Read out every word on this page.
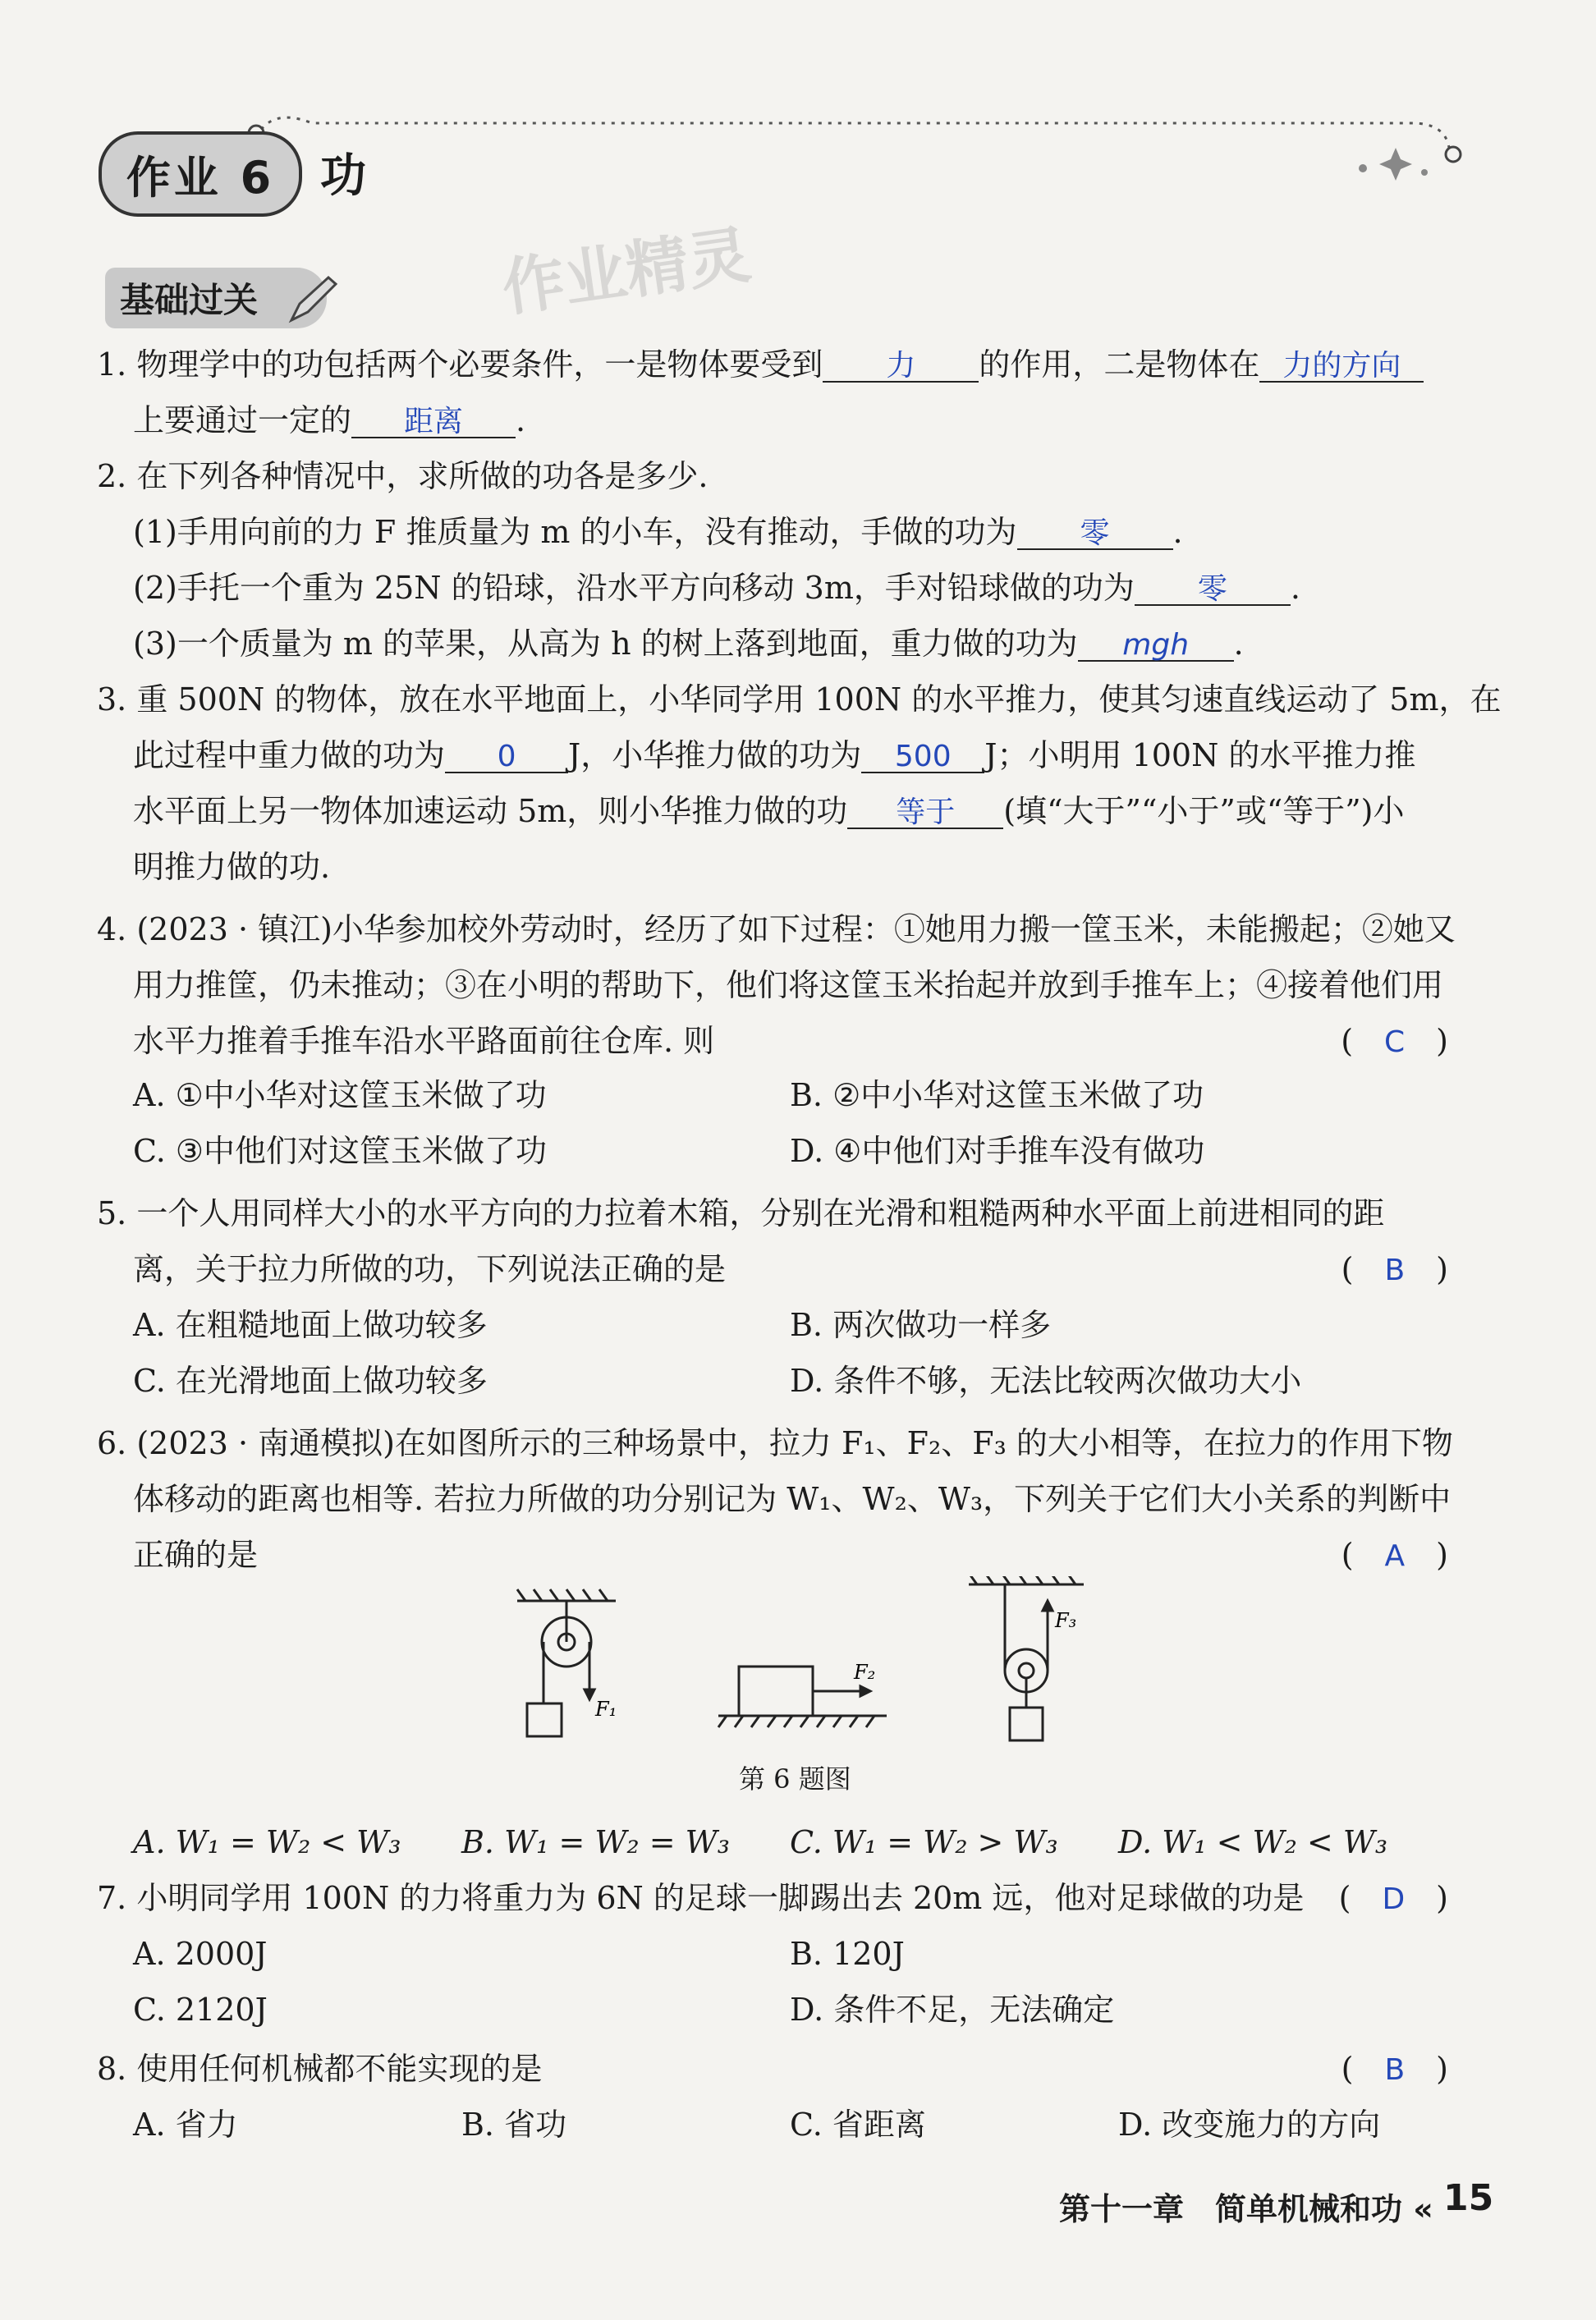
作业 6 功
作业精灵
基础过关
1. 物理学中的功包括两个必要条件，一是物体要受到 力 的作用，二是物体在 力的方向
上要通过一定的 距离 .
2. 在下列各种情况中，求所做的功各是多少.
(1)手用向前的力 F 推质量为 m 的小车，没有推动，手做的功为 零 .
(2)手托一个重为 25N 的铅球，沿水平方向移动 3m，手对铅球做的功为 零 .
(3)一个质量为 m 的苹果，从高为 h 的树上落到地面，重力做的功为 mgh .
3. 重 500N 的物体，放在水平地面上，小华同学用 100N 的水平推力，使其匀速直线运动了 5m，在
此过程中重力做的功为 0 J，小华推力做的功为 500 J；小明用 100N 的水平推力推
水平面上另一物体加速运动 5m，则小华推力做的功 等于 (填“大于”“小于”或“等于”)小
明推力做的功.
4. (2023 · 镇江)小华参加校外劳动时，经历了如下过程：①她用力搬一筐玉米，未能搬起；②她又
用力推筐，仍未推动；③在小明的帮助下，他们将这筐玉米抬起并放到手推车上；④接着他们用
水平力推着手推车沿水平路面前往仓库. 则	(　C　)
A. ①中小华对这筐玉米做了功	B. ②中小华对这筐玉米做了功
C. ③中他们对这筐玉米做了功	D. ④中他们对手推车没有做功
5. 一个人用同样大小的水平方向的力拉着木箱，分别在光滑和粗糙两种水平面上前进相同的距
离，关于拉力所做的功，下列说法正确的是	(　B　)
A. 在粗糙地面上做功较多	B. 两次做功一样多
C. 在光滑地面上做功较多	D. 条件不够，无法比较两次做功大小
6. (2023 · 南通模拟)在如图所示的三种场景中，拉力 F₁、F₂、F₃ 的大小相等，在拉力的作用下物
体移动的距离也相等. 若拉力所做的功分别记为 W₁、W₂、W₃，下列关于它们大小关系的判断中
正确的是	(　A　)
F₁
F₂
F₃
第 6 题图
A. W₁ = W₂ < W₃ B. W₁ = W₂ = W₃ C. W₁ = W₂ > W₃ D. W₁ < W₂ < W₃
7. 小明同学用 100N 的力将重力为 6N 的足球一脚踢出去 20m 远，他对足球做的功是 (　D　)
A. 2000J	B. 120J
C. 2120J	D. 条件不足，无法确定
8. 使用任何机械都不能实现的是	(　B　)
A. 省力	B. 省功	C. 省距离	D. 改变施力的方向
第十一章　简单机械和功 « 15
